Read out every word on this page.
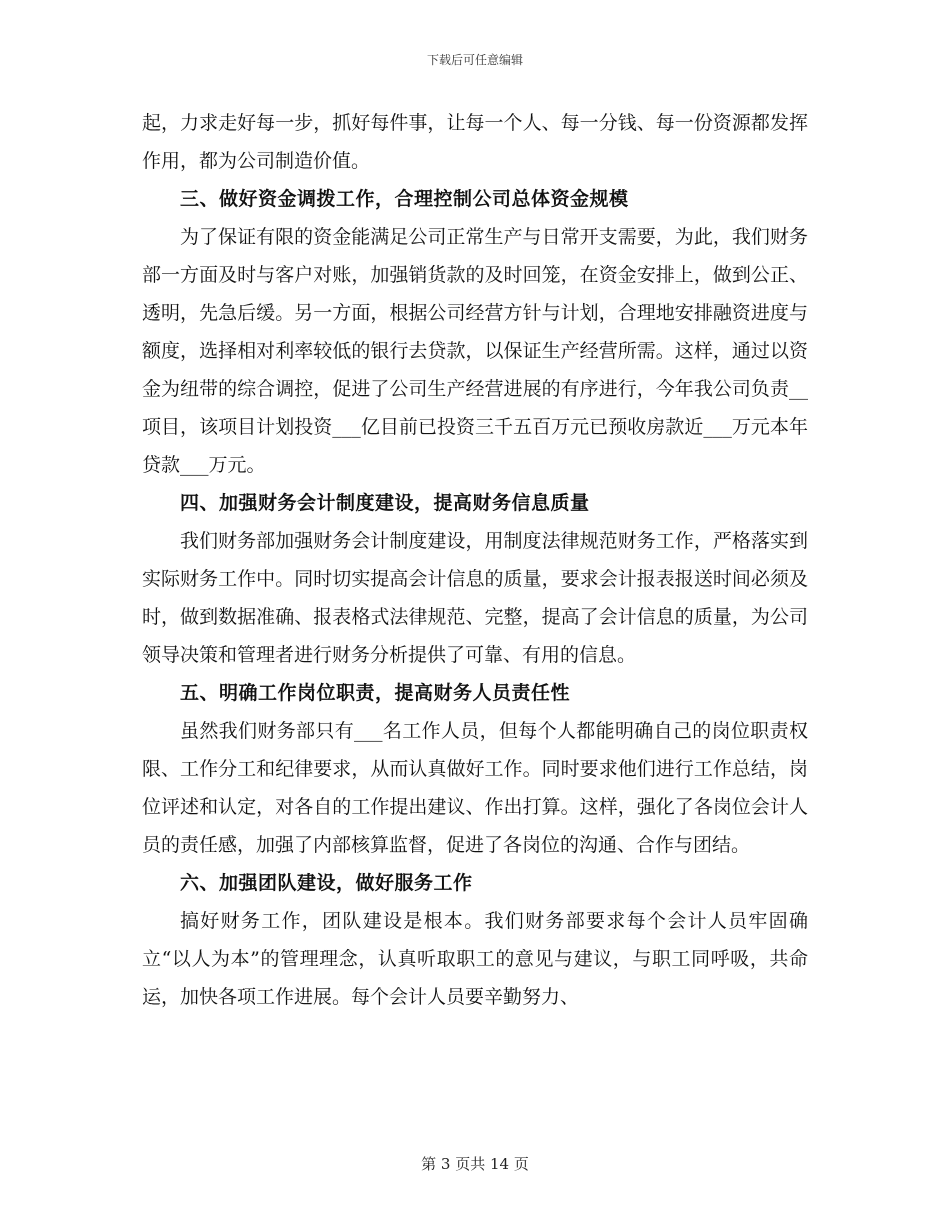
下载后可任意编辑

起，力求走好每一步，抓好每件事，让每一个人、每一分钱、每一份资源都发挥作用，都为公司制造价值。

三、做好资金调拨工作，合理控制公司总体资金规模

为了保证有限的资金能满足公司正常生产与日常开支需要，为此，我们财务部一方面及时与客户对账，加强销货款的及时回笼，在资金安排上，做到公正、透明，先急后缓。另一方面，根据公司经营方针与计划，合理地安排融资进度与额度，选择相对利率较低的银行去贷款，以保证生产经营所需。这样，通过以资金为纽带的综合调控，促进了公司生产经营进展的有序进行，今年我公司负责__项目，该项目计划投资___亿目前已投资三千五百万元已预收房款近___万元本年贷款___万元。

四、加强财务会计制度建设，提高财务信息质量

我们财务部加强财务会计制度建设，用制度法律规范财务工作，严格落实到实际财务工作中。同时切实提高会计信息的质量，要求会计报表报送时间必须及时，做到数据准确、报表格式法律规范、完整，提高了会计信息的质量，为公司领导决策和管理者进行财务分析提供了可靠、有用的信息。

五、明确工作岗位职责，提高财务人员责任性

虽然我们财务部只有___名工作人员，但每个人都能明确自己的岗位职责权限、工作分工和纪律要求，从而认真做好工作。同时要求他们进行工作总结，岗位评述和认定，对各自的工作提出建议、作出打算。这样，强化了各岗位会计人员的责任感，加强了内部核算监督，促进了各岗位的沟通、合作与团结。

六、加强团队建设，做好服务工作

搞好财务工作，团队建设是根本。我们财务部要求每个会计人员牢固确立“以人为本”的管理理念，认真听取职工的意见与建议，与职工同呼吸，共命运，加快各项工作进展。每个会计人员要辛勤努力、

第 3 页共 14 页
